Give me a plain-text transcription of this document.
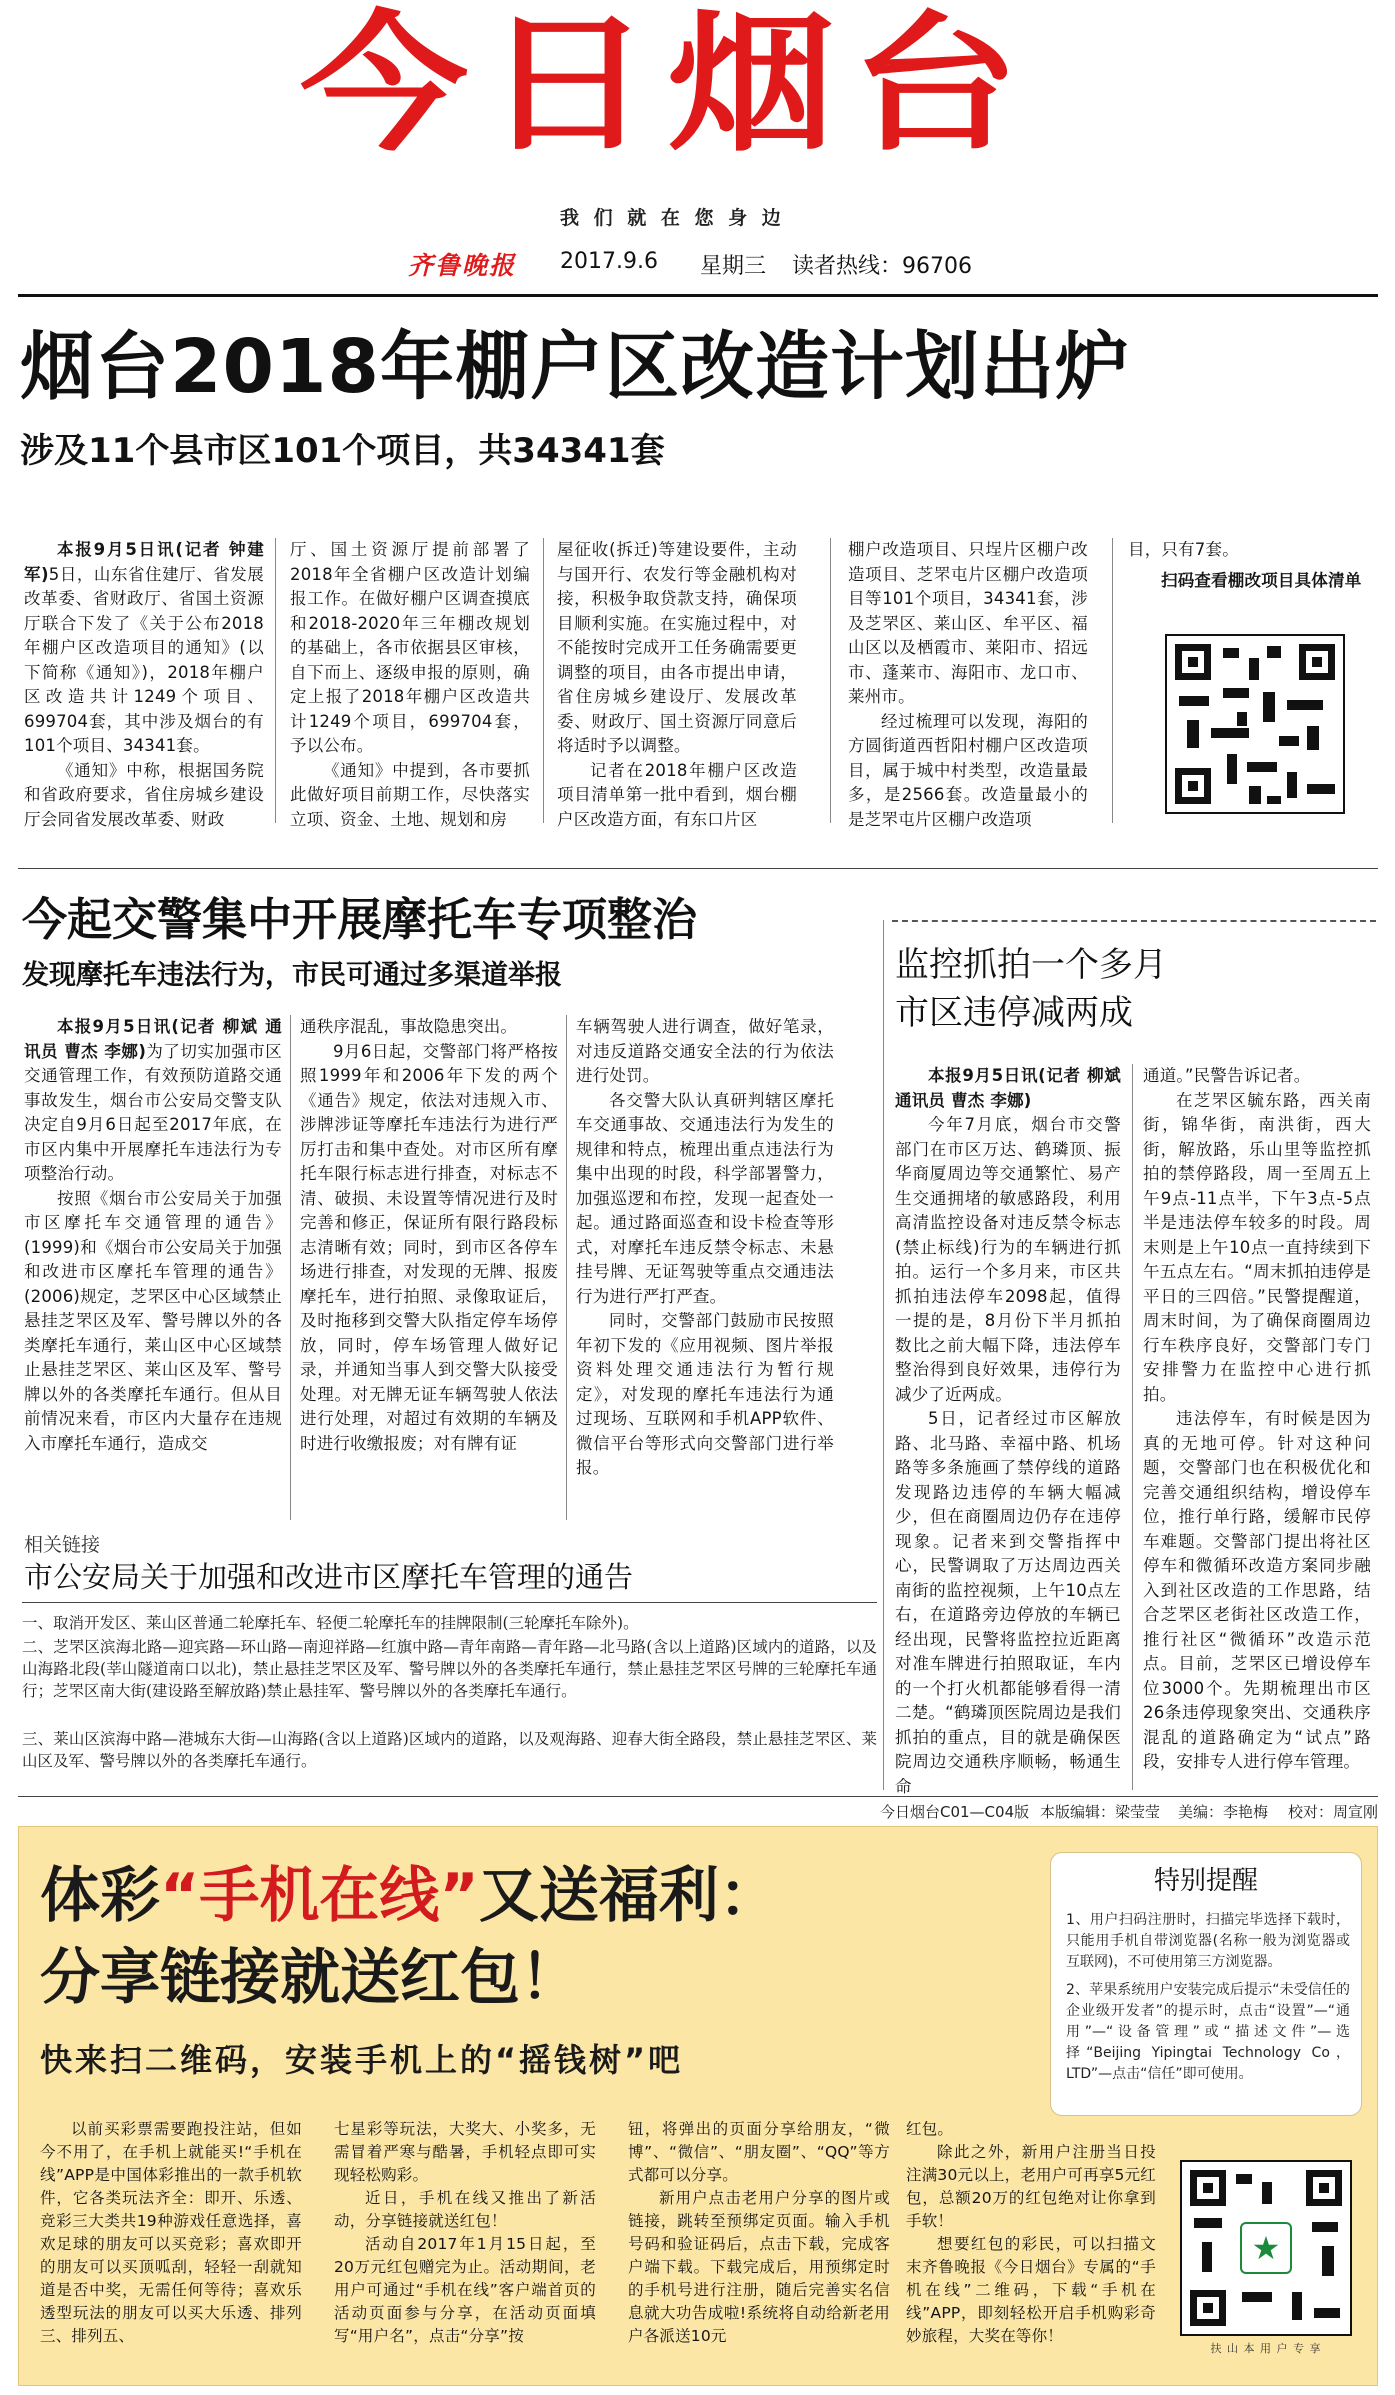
今日烟台
我 们 就 在 您 身 边
齐鲁晚报 2017.9.6 星期三 读者热线：96706
烟台2018年棚户区改造计划出炉
涉及11个县市区101个项目，共34341套

本报9月5日讯(记者 钟建军)5日，山东省住建厅、省发展改革委、省财政厅、省国土资源厅联合下发了《关于公布2018年棚户区改造项目的通知》(以下简称《通知》)，2018年棚户区改造共计1249个项目、699704套，其中涉及烟台的有101个项目、34341套。

《通知》中称，根据国务院和省政府要求，省住房城乡建设厅会同省发展改革委、财政

厅、国土资源厅提前部署了2018年全省棚户区改造计划编报工作。在做好棚户区调查摸底和2018-2020年三年棚改规划的基础上，各市依据县区审核，自下而上、逐级申报的原则，确定上报了2018年棚户区改造共计1249个项目，699704套，予以公布。

《通知》中提到，各市要抓此做好项目前期工作，尽快落实立项、资金、土地、规划和房

屋征收(拆迁)等建设要件，主动与国开行、农发行等金融机构对接，积极争取贷款支持，确保项目顺利实施。在实施过程中，对不能按时完成开工任务确需要更调整的项目，由各市提出申请，省住房城乡建设厅、发展改革委、财政厅、国土资源厅同意后将适时予以调整。

记者在2018年棚户区改造项目清单第一批中看到，烟台棚户区改造方面，有东口片区

棚户改造项目、只埕片区棚户改造项目、芝罘屯片区棚户改造项目等101个项目，34341套，涉及芝罘区、莱山区、牟平区、福山区以及栖霞市、莱阳市、招远市、蓬莱市、海阳市、龙口市、莱州市。

经过梳理可以发现，海阳的方圆街道西哲阳村棚户区改造项目，属于城中村类型，改造量最多，是2566套。改造量最小的是芝罘屯片区棚户改造项

目，只有7套。

扫码查看棚改项目具体清单

今起交警集中开展摩托车专项整治
发现摩托车违法行为，市民可通过多渠道举报

本报9月5日讯(记者 柳斌 通讯员 曹杰 李娜)为了切实加强市区交通管理工作，有效预防道路交通事故发生，烟台市公安局交警支队决定自9月6日起至2017年底，在市区内集中开展摩托车违法行为专项整治行动。

按照《烟台市公安局关于加强市区摩托车交通管理的通告》(1999)和《烟台市公安局关于加强和改进市区摩托车管理的通告》(2006)规定，芝罘区中心区域禁止悬挂芝罘区及军、警号牌以外的各类摩托车通行，莱山区中心区域禁止悬挂芝罘区、莱山区及军、警号牌以外的各类摩托车通行。但从目前情况来看，市区内大量存在违规入市摩托车通行，造成交

通秩序混乱，事故隐患突出。

9月6日起，交警部门将严格按照1999年和2006年下发的两个《通告》规定，依法对违规入市、涉牌涉证等摩托车违法行为进行严厉打击和集中查处。对市区所有摩托车限行标志进行排查，对标志不清、破损、未设置等情况进行及时完善和修正，保证所有限行路段标志清晰有效；同时，到市区各停车场进行排查，对发现的无牌、报废摩托车，进行拍照、录像取证后，及时拖移到交警大队指定停车场停放，同时，停车场管理人做好记录，并通知当事人到交警大队接受处理。对无牌无证车辆驾驶人依法进行处理，对超过有效期的车辆及时进行收缴报废；对有牌有证

车辆驾驶人进行调查，做好笔录，对违反道路交通安全法的行为依法进行处罚。

各交警大队认真研判辖区摩托车交通事故、交通违法行为发生的规律和特点，梳理出重点违法行为集中出现的时段，科学部署警力，加强巡逻和布控，发现一起查处一起。通过路面巡查和设卡检查等形式，对摩托车违反禁令标志、未悬挂号牌、无证驾驶等重点交通违法行为进行严打严查。

同时，交警部门鼓励市民按照年初下发的《应用视频、图片举报资料处理交通违法行为暂行规定》，对发现的摩托车违法行为通过现场、互联网和手机APP软件、微信平台等形式向交警部门进行举报。

相关链接
市公安局关于加强和改进市区摩托车管理的通告
一、取消开发区、莱山区普通二轮摩托车、轻便二轮摩托车的挂牌限制(三轮摩托车除外)。
二、芝罘区滨海北路—迎宾路—环山路—南迎祥路—红旗中路—青年南路—青年路—北马路(含以上道路)区域内的道路，以及山海路北段(莘山隧道南口以北)，禁止悬挂芝罘区及军、警号牌以外的各类摩托车通行，禁止悬挂芝罘区号牌的三轮摩托车通行；芝罘区南大街(建设路至解放路)禁止悬挂军、警号牌以外的各类摩托车通行。
三、莱山区滨海中路—港城东大街—山海路(含以上道路)区域内的道路，以及观海路、迎春大街全路段，禁止悬挂芝罘区、莱山区及军、警号牌以外的各类摩托车通行。
监控抓拍一个多月
市区违停减两成

本报9月5日讯(记者 柳斌 通讯员 曹杰 李娜)

今年7月底，烟台市交警部门在市区万达、鹤璘顶、振华商厦周边等交通繁忙、易产生交通拥堵的敏感路段，利用高清监控设备对违反禁令标志(禁止标线)行为的车辆进行抓拍。运行一个多月来，市区共抓拍违法停车2098起，值得一提的是，8月份下半月抓拍数比之前大幅下降，违法停车整治得到良好效果，违停行为减少了近两成。

5日，记者经过市区解放路、北马路、幸福中路、机场路等多条施画了禁停线的道路发现路边违停的车辆大幅减少，但在商圈周边仍存在违停现象。记者来到交警指挥中心，民警调取了万达周边西关南街的监控视频，上午10点左右，在道路旁边停放的车辆已经出现，民警将监控拉近距离对准车牌进行拍照取证，车内的一个打火机都能够看得一清二楚。“鹤璘顶医院周边是我们抓拍的重点，目的就是确保医院周边交通秩序顺畅，畅通生命

通道。”民警告诉记者。

在芝罘区毓东路，西关南街，锦华街，南洪街，西大街，解放路，乐山里等监控抓拍的禁停路段，周一至周五上午9点-11点半，下午3点-5点半是违法停车较多的时段。周末则是上午10点一直持续到下午五点左右。“周末抓拍违停是平日的三四倍。”民警提醒道，周末时间，为了确保商圈周边行车秩序良好，交警部门专门安排警力在监控中心进行抓拍。

违法停车，有时候是因为真的无地可停。针对这种问题，交警部门也在积极优化和完善交通组织结构，增设停车位，推行单行路，缓解市民停车难题。交警部门提出将社区停车和微循环改造方案同步融入到社区改造的工作思路，结合芝罘区老街社区改造工作，推行社区“微循环”改造示范点。目前，芝罘区已增设停车位3000个。先期梳理出市区26条违停现象突出、交通秩序混乱的道路确定为“试点”路段，安排专人进行停车管理。

今日烟台C01—C04版 本版编辑：梁莹莹 美编：李艳梅 校对：周宣刚
体彩“手机在线”又送福利：
分享链接就送红包！
快来扫二维码，安装手机上的“摇钱树”吧
特别提醒
1、用户扫码注册时，扫描完毕选择下载时，只能用手机自带浏览器(名称一般为浏览器或互联网)，不可使用第三方浏览器。
2、苹果系统用户安装完成后提示“未受信任的企业级开发者”的提示时，点击“设置”—“通用”—“设备管理”或“描述文件”—选择“Beijing Yipingtai Technology Co，LTD”—点击“信任”即可使用。

以前买彩票需要跑投注站，但如今不用了，在手机上就能买!“手机在线”APP是中国体彩推出的一款手机软件，它各类玩法齐全：即开、乐透、竞彩三大类共19种游戏任意选择，喜欢足球的朋友可以买竞彩；喜欢即开的朋友可以买顶呱刮，轻轻一刮就知道是否中奖，无需任何等待；喜欢乐透型玩法的朋友可以买大乐透、排列三、排列五、

七星彩等玩法，大奖大、小奖多，无需冒着严寒与酷暑，手机轻点即可实现轻松购彩。

近日，手机在线又推出了新活动，分享链接就送红包！

活动自2017年1月15日起，至20万元红包赠完为止。活动期间，老用户可通过“手机在线”客户端首页的活动页面参与分享，在活动页面填写“用户名”，点击“分享”按

钮，将弹出的页面分享给朋友，“微博”、“微信”、“朋友圈”、“QQ”等方式都可以分享。

新用户点击老用户分享的图片或链接，跳转至预绑定页面。输入手机号码和验证码后，点击下载，完成客户端下载。下载完成后，用预绑定时的手机号进行注册，随后完善实名信息就大功告成啦!系统将自动给新老用户各派送10元

红包。

除此之外，新用户注册当日投注满30元以上，老用户可再享5元红包，总额20万的红包绝对让你拿到手软！

想要红包的彩民，可以扫描文末齐鲁晚报《今日烟台》专属的“手机在线”二维码，下载“手机在线”APP，即刻轻松开启手机购彩奇妙旅程，大奖在等你！

★
扶 山 本 用 户 专 享
